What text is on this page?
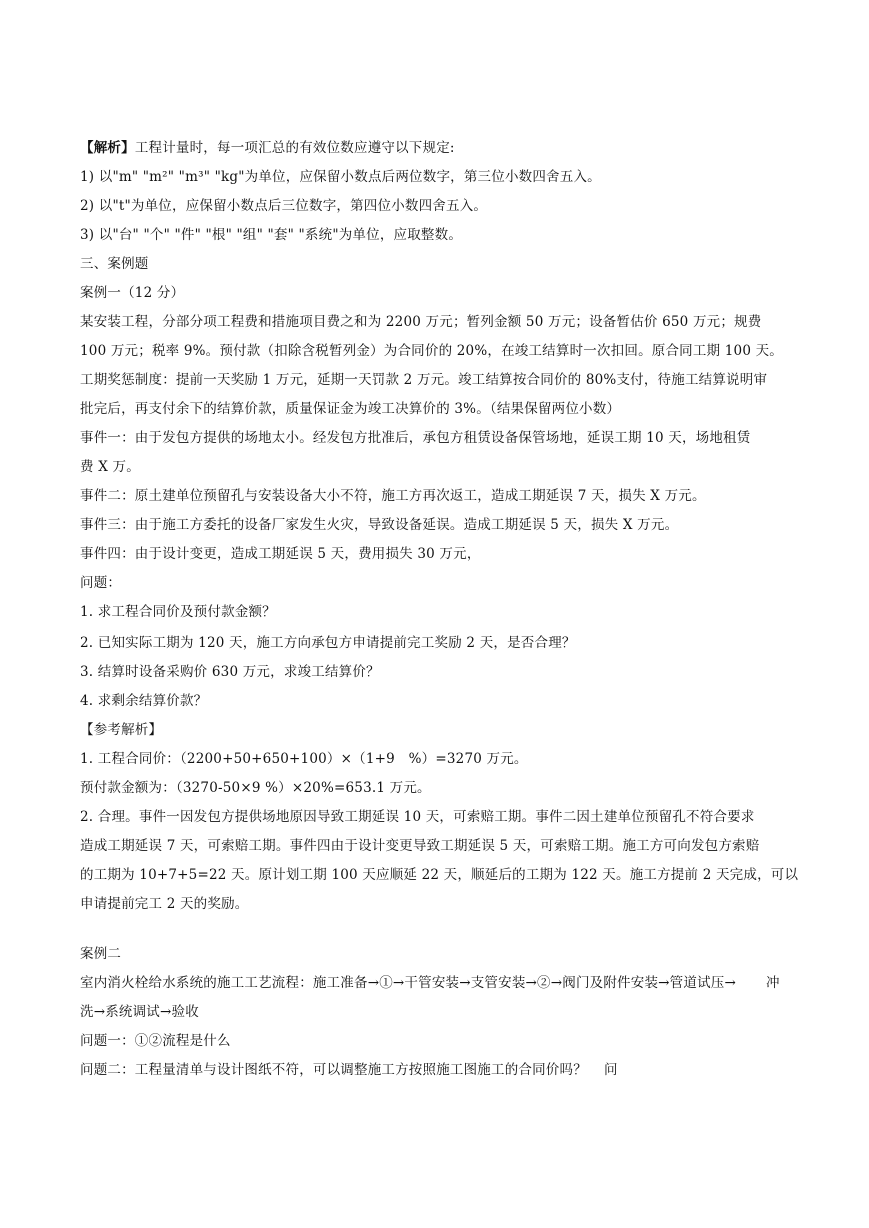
【解析】工程计量时，每一项汇总的有效位数应遵守以下规定:
1) 以"m" "m²" "m³" "kg"为单位，应保留小数点后两位数字，第三位小数四舍五入。
2) 以"t"为单位，应保留小数点后三位数字，第四位小数四舍五入。
3) 以"台" "个" "件" "根" "组" "套" "系统"为单位，应取整数。
三、案例题
案例一（12 分）
某安装工程，分部分项工程费和措施项目费之和为 2200 万元；暂列金额 50 万元；设备暂估价 650 万元；规费
100 万元；税率 9%。预付款（扣除含税暂列金）为合同价的 20%，在竣工结算时一次扣回。原合同工期 100 天。
工期奖惩制度：提前一天奖励 1 万元，延期一天罚款 2 万元。竣工结算按合同价的 80%支付，待施工结算说明审
批完后，再支付余下的结算价款，质量保证金为竣工决算价的 3%。（结果保留两位小数）
事件一：由于发包方提供的场地太小。经发包方批准后，承包方租赁设备保管场地，延误工期 10 天，场地租赁
费 X 万。
事件二：原土建单位预留孔与安装设备大小不符，施工方再次返工，造成工期延误 7 天，损失 X 万元。
事件三：由于施工方委托的设备厂家发生火灾，导致设备延误。造成工期延误 5 天，损失 X 万元。
事件四：由于设计变更，造成工期延误 5 天，费用损失 30 万元，
问题：
1. 求工程合同价及预付款金额？
2. 已知实际工期为 120 天，施工方向承包方申请提前完工奖励 2 天，是否合理？
3. 结算时设备采购价 630 万元，求竣工结算价？
4. 求剩余结算价款？
【参考解析】
1. 工程合同价：（2200+50+650+100）×（1+9　%）=3270 万元。
预付款金额为：（3270-50×9 %）×20%=653.1 万元。
2. 合理。事件一因发包方提供场地原因导致工期延误 10 天，可索赔工期。事件二因土建单位预留孔不符合要求
造成工期延误 7 天，可索赔工期。事件四由于设计变更导致工期延误 5 天，可索赔工期。施工方可向发包方索赔
的工期为 10+7+5=22 天。原计划工期 100 天应顺延 22 天，顺延后的工期为 122 天。施工方提前 2 天完成，可以
申请提前完工 2 天的奖励。
案例二
室内消火栓给水系统的施工工艺流程：施工准备→①→干管安装→支管安装→②→阀门及附件安装→管道试压→ 冲
洗→系统调试→验收
问题一：①②流程是什么
问题二：工程量清单与设计图纸不符，可以调整施工方按照施工图施工的合同价吗？ 问
